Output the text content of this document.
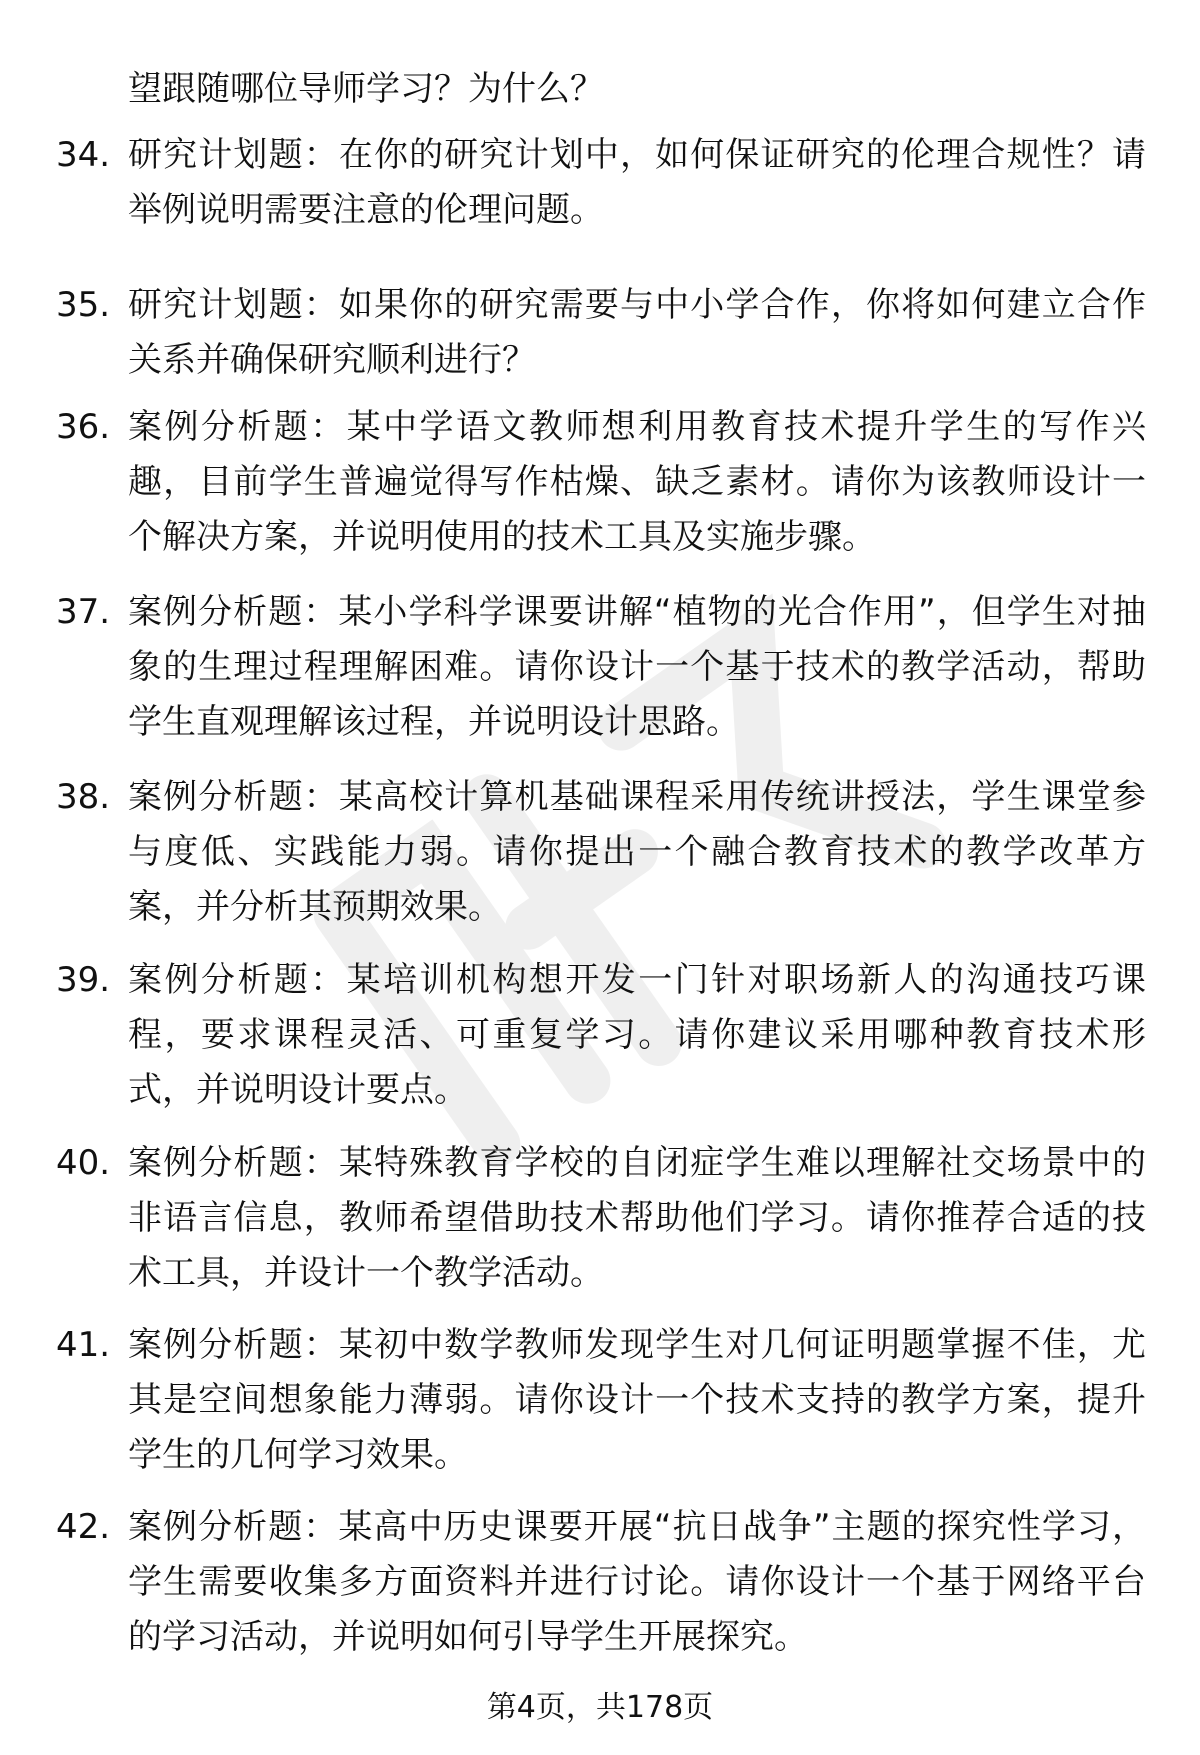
望跟随哪位导师学习？为什么？
34. 研究计划题：在你的研究计划中，如何保证研究的伦理合规性？请举例说明需要注意的伦理问题。
35. 研究计划题：如果你的研究需要与中小学合作，你将如何建立合作关系并确保研究顺利进行？
36. 案例分析题：某中学语文教师想利用教育技术提升学生的写作兴趣，目前学生普遍觉得写作枯燥、缺乏素材。请你为该教师设计一个解决方案，并说明使用的技术工具及实施步骤。
37. 案例分析题：某小学科学课要讲解“植物的光合作用”，但学生对抽象的生理过程理解困难。请你设计一个基于技术的教学活动，帮助学生直观理解该过程，并说明设计思路。
38. 案例分析题：某高校计算机基础课程采用传统讲授法，学生课堂参与度低、实践能力弱。请你提出一个融合教育技术的教学改革方案，并分析其预期效果。
39. 案例分析题：某培训机构想开发一门针对职场新人的沟通技巧课程，要求课程灵活、可重复学习。请你建议采用哪种教育技术形式，并说明设计要点。
40. 案例分析题：某特殊教育学校的自闭症学生难以理解社交场景中的非语言信息，教师希望借助技术帮助他们学习。请你推荐合适的技术工具，并设计一个教学活动。
41. 案例分析题：某初中数学教师发现学生对几何证明题掌握不佳，尤其是空间想象能力薄弱。请你设计一个技术支持的教学方案，提升学生的几何学习效果。
42. 案例分析题：某高中历史课要开展“抗日战争”主题的探究性学习，学生需要收集多方面资料并进行讨论。请你设计一个基于网络平台的学习活动，并说明如何引导学生开展探究。
第4页，共178页
